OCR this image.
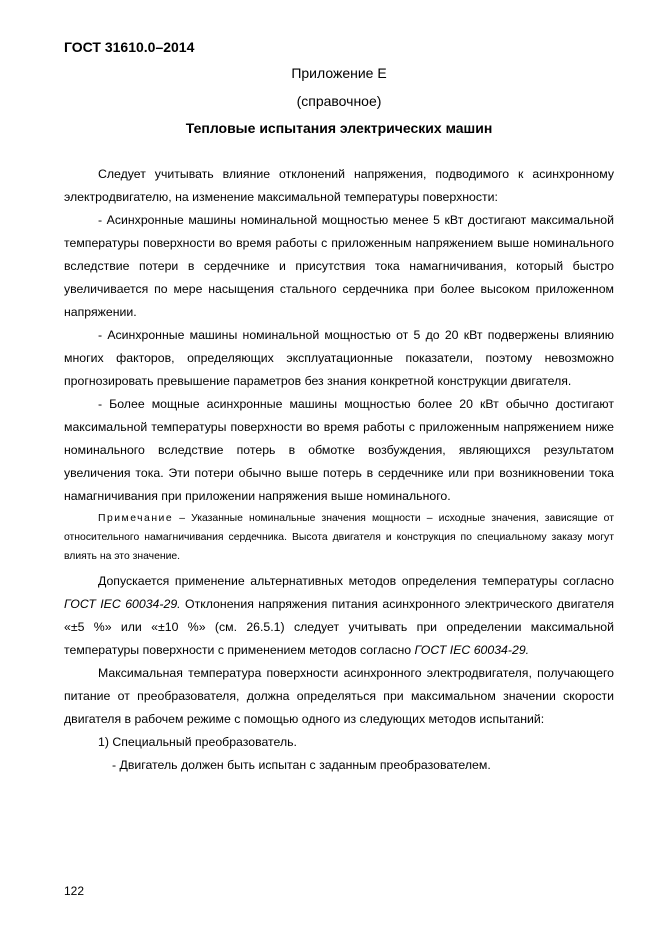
ГОСТ 31610.0–2014
Приложение Е
(справочное)
Тепловые испытания электрических машин

Следует учитывать влияние отклонений напряжения, подводимого к асинхронному электродвигателю, на изменение максимальной температуры поверхности:

- Асинхронные машины номинальной мощностью менее 5 кВт достигают максимальной температуры поверхности во время работы с приложенным напряжением выше номинального вследствие потери в сердечнике и присутствия тока намагничивания, который быстро увеличивается по мере насыщения стального сердечника при более высоком приложенном напряжении.

- Асинхронные машины номинальной мощностью от 5 до 20 кВт подвержены влиянию многих факторов, определяющих эксплуатационные показатели, поэтому невозможно прогнозировать превышение параметров без знания конкретной конструкции двигателя.

- Более мощные асинхронные машины мощностью более 20 кВт обычно достигают максимальной температуры поверхности во время работы с приложенным напряжением ниже номинального вследствие потерь в обмотке возбуждения, являющихся результатом увеличения тока. Эти потери обычно выше потерь в сердечнике или при возникновении тока намагничивания при приложении напряжения выше номинального.

Примечание – Указанные номинальные значения мощности – исходные значения, зависящие от относительного намагничивания сердечника. Высота двигателя и конструкция по специальному заказу могут влиять на это значение.

Допускается применение альтернативных методов определения температуры согласно ГОСТ IEC 60034-29. Отклонения напряжения питания асинхронного электрического двигателя «±5 %» или «±10 %» (см. 26.5.1) следует учитывать при определении максимальной температуры поверхности с применением методов согласно ГОСТ IEC 60034-29.

Максимальная температура поверхности асинхронного электродвигателя, получающего питание от преобразователя, должна определяться при максимальном значении скорости двигателя в рабочем режиме с помощью одного из следующих методов испытаний:

1) Специальный преобразователь.

- Двигатель должен быть испытан с заданным преобразователем.

122
